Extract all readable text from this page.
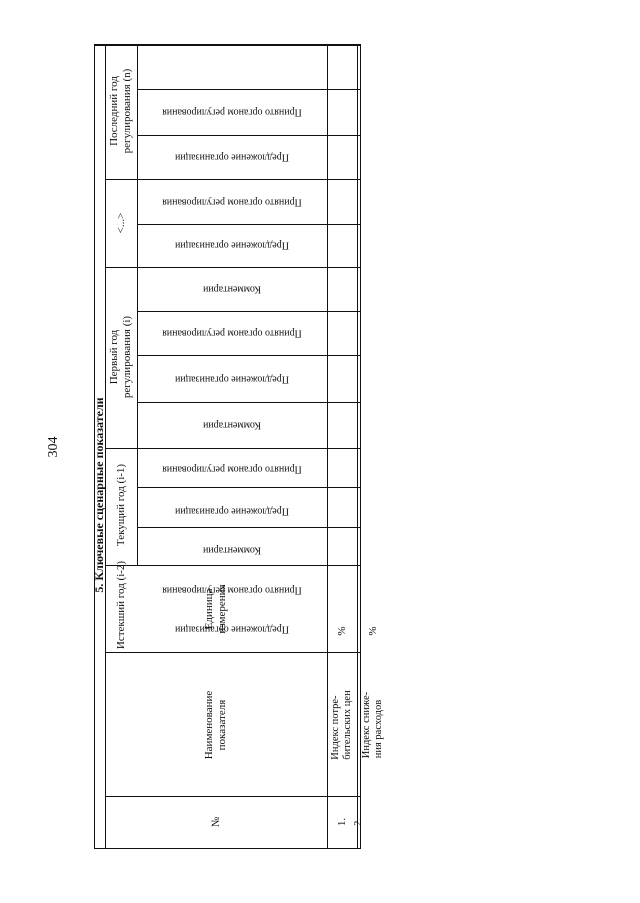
304	5. Ключевые сценарные показатели
№
Наименование
показателя
Единица
измерения
Истекший год (i-2)
Текущий год (i-1)
Первый год
регулирования (i)
<...>
Последний год
регулирования (n)
Предложение организации
Принято органом регулирования
Комментарии
Предложение организации
Принято органом регулирования
Комментарии
Предложение организации
Принято органом регулирования
Комментарии
Предложение организации
Принято органом регулирования
Предложение организации
Принято органом регулирования
1.
Индекс потре-
бительских цен
%
2.
Индекс сниже-
ния расходов
%
